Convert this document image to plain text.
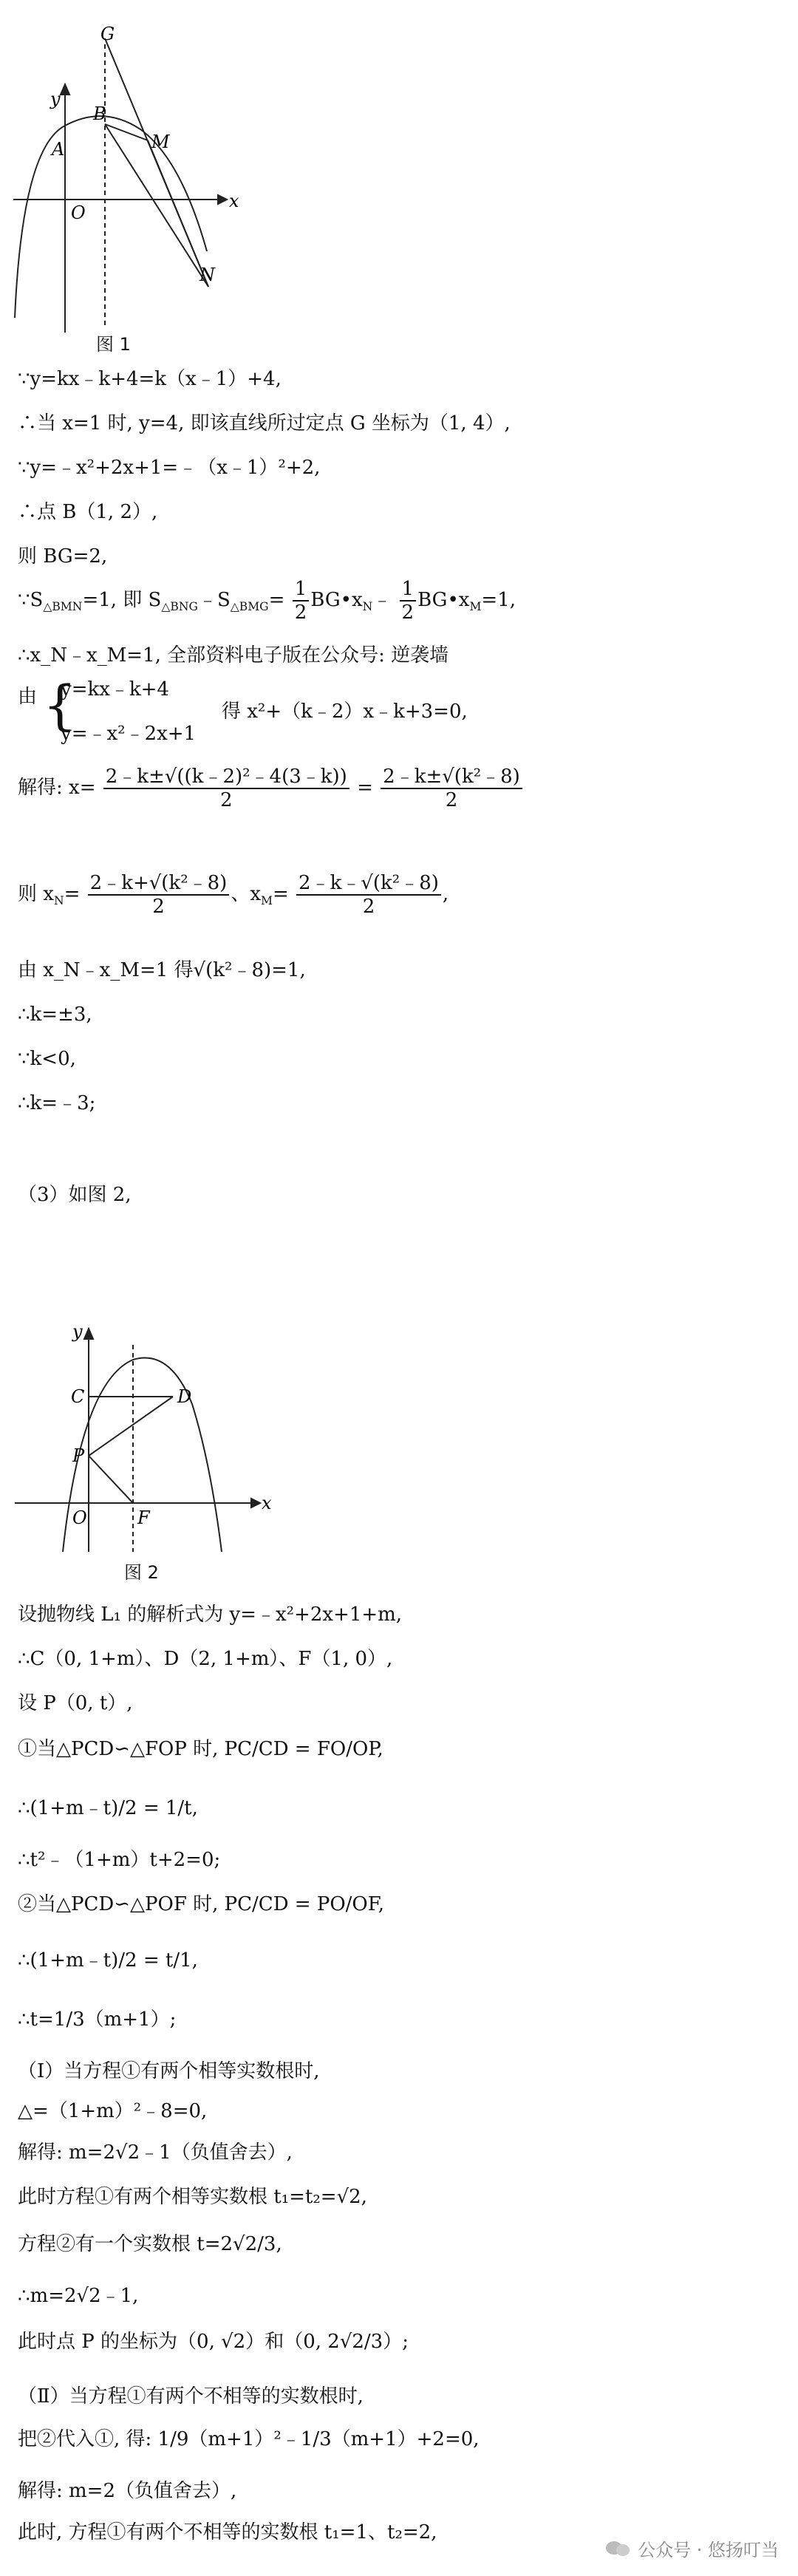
G
y
B
M
A
O
x
N
图 1
∵y=kx﹣k+4=k（x﹣1）+4,
∴当 x=1 时, y=4, 即该直线所过定点 G 坐标为（1, 4）,
∵y=﹣x²+2x+1=﹣（x﹣1）²+2,
∴点 B（1, 2）,
则 BG=2,
$\because S_{\triangle BMN}=1$, 即 $S_{\triangle BNG}﹣S_{\triangle BMG}= \frac{1}{2}$ $BG•x_N﹣ \frac{1}{2}$ $BG•x_M=1$,
∴x_N﹣x_M=1, 全部资料电子版在公众号: 逆袭墙
由 {
y=kx﹣k+4
y=﹣x²﹣2x+1
得 x²+（k﹣2）x﹣k+3=0,
解得: $x= \frac{\text{2﹣k±√((k﹣2)²﹣4(3﹣k))}}{2} = \frac{\text{2﹣k±√(k²﹣8)}}{2}$
则 $x_N= \frac{\text{2﹣k+√(k²﹣8)}}{2}$ 、$x_M= \frac{\text{2﹣k﹣√(k²﹣8)}}{2}$ ,
由 x_N﹣x_M=1 得√(k²﹣8)=1,
∴k=±3,
∵k<0,
∴k=﹣3;
（3）如图 2,
y
C	D
P
O	F
x
图 2
设抛物线 L₁ 的解析式为 y=﹣x²+2x+1+m,
∴C（0, 1+m）、D（2, 1+m）、F（1, 0）,
设 P（0, t）,
①当△PCD∽△FOP 时, PC/CD = FO/OP,
∴(1+m﹣t)/2 = 1/t,
∴t²﹣（1+m）t+2=0;
②当△PCD∽△POF 时, PC/CD = PO/OF,
∴(1+m﹣t)/2 = t/1,
∴t=1/3（m+1）;
（Ⅰ）当方程①有两个相等实数根时,
△=（1+m）²﹣8=0,
解得: m=2√2﹣1（负值舍去）,
此时方程①有两个相等实数根 t₁=t₂=√2,
方程②有一个实数根 t=2√2/3,
∴m=2√2﹣1,
此时点 P 的坐标为（0, √2）和（0, 2√2/3）;
（Ⅱ）当方程①有两个不相等的实数根时,
把②代入①, 得: 1/9（m+1）²﹣1/3（m+1）+2=0,
解得: m=2（负值舍去）,
此时, 方程①有两个不相等的实数根 t₁=1、t₂=2,
公众号 · 悠扬叮当
